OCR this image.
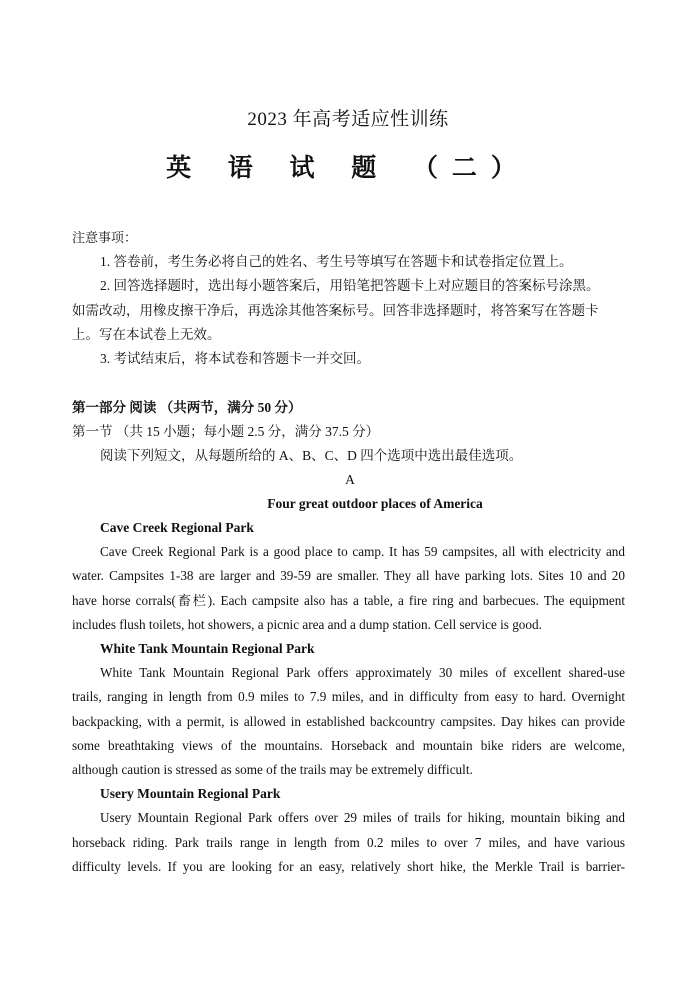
2023 年高考适应性训练
英 语 试 题 （二）
注意事项：
1. 答卷前，考生务必将自己的姓名、考生号等填写在答题卡和试卷指定位置上。
2. 回答选择题时，选出每小题答案后，用铅笔把答题卡上对应题目的答案标号涂黑。
如需改动，用橡皮擦干净后，再选涂其他答案标号。回答非选择题时，将答案写在答题卡
上。写在本试卷上无效。
3. 考试结束后，将本试卷和答题卡一并交回。
第一部分 阅读 （共两节，满分 50 分）
第一节 （共 15 小题；每小题 2.5 分，满分 37.5 分）
阅读下列短文，从每题所给的 A、B、C、D 四个选项中选出最佳选项。
A
Four great outdoor places of America
Cave Creek Regional Park
Cave Creek Regional Park is a good place to camp. It has 59 campsites, all with electricity and
water. Campsites 1-38 are larger and 39-59 are smaller. They all have parking lots. Sites 10 and 20
have horse corrals(畜栏). Each campsite also has a table, a fire ring and barbecues. The equipment
includes flush toilets, hot showers, a picnic area and a dump station. Cell service is good.
White Tank Mountain Regional Park
White Tank Mountain Regional Park offers approximately 30 miles of excellent shared-use
trails, ranging in length from 0.9 miles to 7.9 miles, and in difficulty from easy to hard. Overnight
backpacking, with a permit, is allowed in established backcountry campsites. Day hikes can provide
some breathtaking views of the mountains. Horseback and mountain bike riders are welcome,
although caution is stressed as some of the trails may be extremely difficult.
Usery Mountain Regional Park
Usery Mountain Regional Park offers over 29 miles of trails for hiking, mountain biking and
horseback riding. Park trails range in length from 0.2 miles to over 7 miles, and have various
difficulty levels. If you are looking for an easy, relatively short hike, the Merkle Trail is barrier-
